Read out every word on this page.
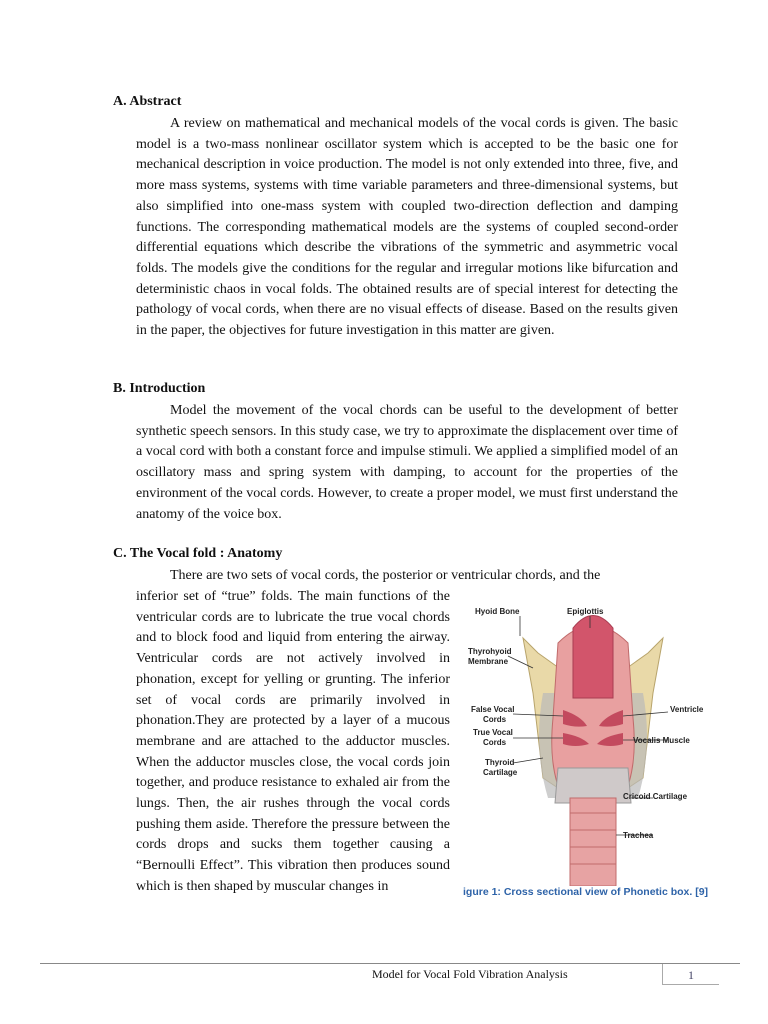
A. Abstract

A review on mathematical and mechanical models of the vocal cords is given. The basic model is a two-mass nonlinear oscillator system which is accepted to be the basic one for mechanical description in voice production. The model is not only extended into three, five, and more mass systems, systems with time variable parameters and three-dimensional systems, but also simplified into one-mass system with coupled two-direction deflection and damping functions. The corresponding mathematical models are the systems of coupled second-order differential equations which describe the vibrations of the symmetric and asymmetric vocal folds. The models give the conditions for the regular and irregular motions like bifurcation and deterministic chaos in vocal folds. The obtained results are of special interest for detecting the pathology of vocal cords, when there are no visual effects of disease. Based on the results given in the paper, the objectives for future investigation in this matter are given.

B. Introduction

Model the movement of the vocal chords can be useful to the development of better synthetic speech sensors. In this study case, we try to approximate the displacement over time of a vocal cord with both a constant force and impulse stimuli. We applied a simplified model of an oscillatory mass and spring system with damping, to account for the properties of the environment of the vocal cords. However, to create a proper model, we must first understand the anatomy of the voice box.

C. The Vocal fold : Anatomy

There are two sets of vocal cords, the posterior or ventricular chords, and the

inferior set of “true” folds. The main functions of the ventricular cords are to lubricate the true vocal chords and to block food and liquid from entering the airway. Ventricular cords are not actively involved in phonation, except for yelling or grunting. The inferior set of vocal cords are primarily involved in phonation.They are protected by a layer of a mucous membrane and are attached to the adductor muscles. When the adductor muscles close, the vocal cords join together, and produce resistance to exhaled air from the lungs. Then, the air rushes through the vocal cords pushing them aside. Therefore the pressure between the cords drops and sucks them together causing a “Bernoulli Effect”. This vibration then produces sound which is then shaped by muscular changes in

Hyoid Bone	Epiglottis
Thyrohyoid
Membrane
False Vocal
Cords
True Vocal
Cords
Thyroid
Cartilage
Ventricle
Vocalis Muscle
Cricoid Cartilage
Trachea
igure 1: Cross sectional view of Phonetic box. [9]
Model for Vocal Fold Vibration Analysis	1
